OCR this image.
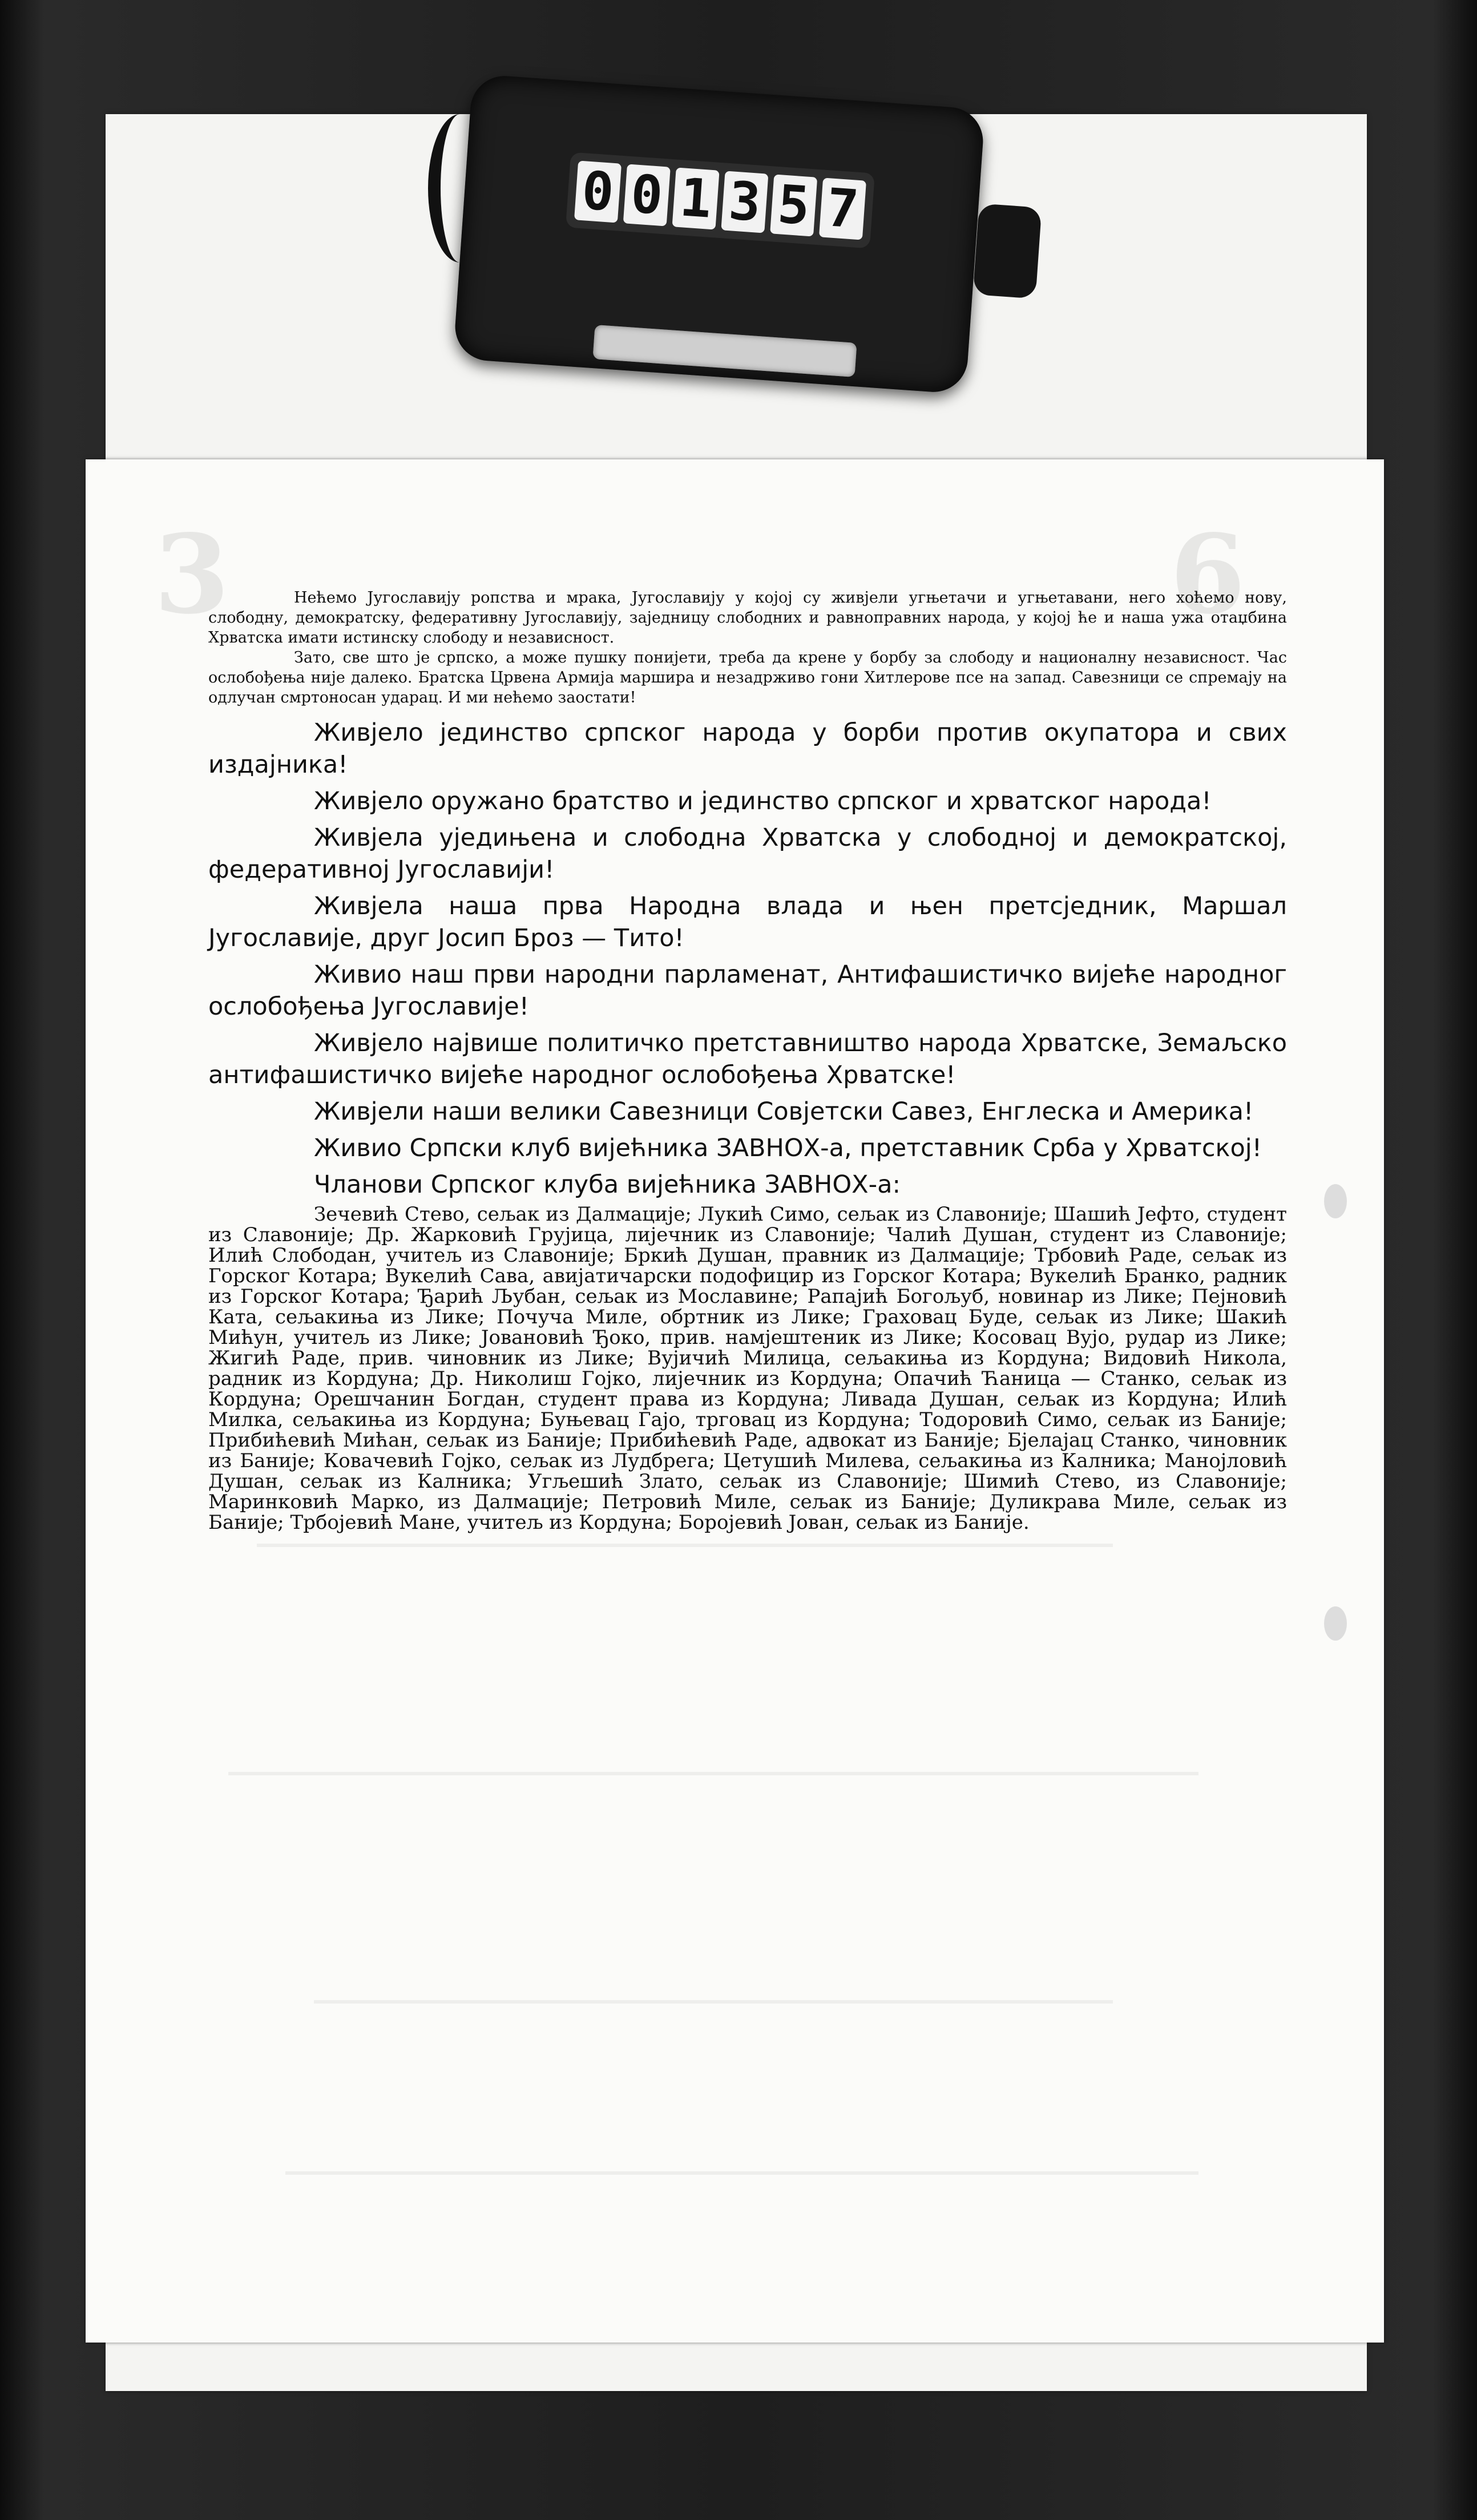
0 0 1 3 5 7
3	6

Нећемо Југославију ропства и мрака, Југославију у којој су живјели угњетачи и угњетавани, него хоћемо нову, слободну, демократску, федеративну Југославију, заједницу слободних и равноправних народа, у којој ће и наша ужа отаџбина Хрватска имати истинску слободу и независност.

Зато, све што је српско, а може пушку понијети, треба да крене у борбу за слободу и националну независност. Час ослобођења није далеко. Братска Црвена Армија маршира и незадрживо гони Хитлерове псе на запад. Савезници се спремају на одлучан смртоносан ударац. И ми нећемо заостати!

Живјело јединство српског народа у борби против окупатора и свих издајника!

Живјело оружано братство и јединство српског и хрватског народа!

Живјела уједињена и слободна Хрватска у слободној и демократској, федеративној Југославији!

Живјела наша прва Народна влада и њен претсједник, Маршал Југославије, друг Јосип Броз — Тито!

Живио наш први народни парламенат, Антифашистичко вијеће народног ослобођења Југославије!

Живјело највише политичко претставништво народа Хрватске, Земаљско антифашистичко вијеће народног ослобођења Хрватске!

Живјели наши велики Савезници Совјетски Савез, Енглеска и Америка!

Живио Српски клуб вијећника ЗАВНОХ-а, претставник Срба у Хрватској!

Чланови Српског клуба вијећника ЗАВНОХ-а:

Зечевић Стево, сељак из Далмације; Лукић Симо, сељак из Славоније; Шашић Јефто, студент из Славоније; Др. Жарковић Грујица, лијечник из Славоније; Чалић Душан, студент из Славоније; Илић Слободан, учитељ из Славоније; Бркић Душан, правник из Далмације; Трбовић Раде, сељак из Горског Котара; Вукелић Сава, авијатичарски подофицир из Горског Котара; Вукелић Бранко, радник из Горског Котара; Ђарић Љубан, сељак из Мославине; Рапајић Богољуб, новинар из Лике; Пејновић Ката, сељакиња из Лике; Почуча Миле, обртник из Лике; Граховац Буде, сељак из Лике; Шакић Мићун, учитељ из Лике; Јовановић Ђоко, прив. намјештеник из Лике; Косовац Вујо, рудар из Лике; Жигић Раде, прив. чиновник из Лике; Вујичић Милица, сељакиња из Кордуна; Видовић Никола, радник из Кордуна; Др. Николиш Гојко, лијечник из Кордуна; Опачић Ћаница — Станко, сељак из Кордуна; Орешчанин Богдан, студент права из Кордуна; Ливада Душан, сељак из Кордуна; Илић Милка, сељакиња из Кордуна; Буњевац Гајо, трговац из Кордуна; Тодоровић Симо, сељак из Баније; Прибићевић Мићан, сељак из Баније; Прибићевић Раде, адвокат из Баније; Бјелајац Станко, чиновник из Баније; Ковачевић Гојко, сељак из Лудбрега; Цетушић Милева, сељакиња из Калника; Манојловић Душан, сељак из Калника; Угљешић Злато, сељак из Славоније; Шимић Стево, из Славоније; Маринковић Марко, из Далмације; Петровић Миле, сељак из Баније; Дуликрава Миле, сељак из Баније; Трбојевић Мане, учитељ из Кордуна; Боројевић Јован, сељак из Баније.
